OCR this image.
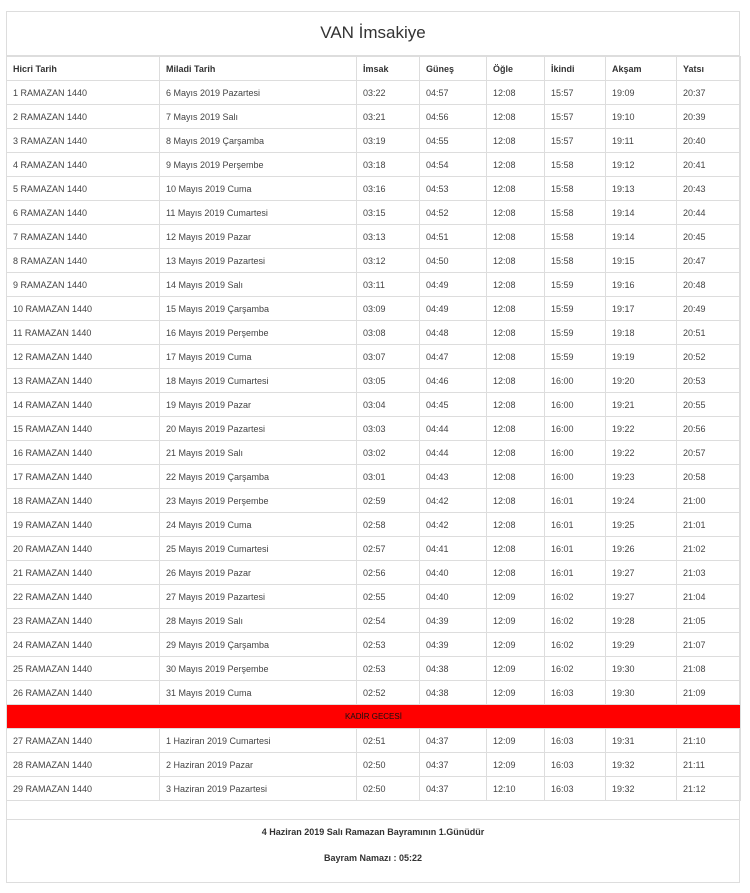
VAN İmsakiye
Hicri Tarih	Miladi Tarih	İmsak	Güneş	Öğle	İkindi	Akşam	Yatsı
1 RAMAZAN 1440	6 Mayıs 2019 Pazartesi	03:22	04:57	12:08	15:57	19:09	20:37
2 RAMAZAN 1440	7 Mayıs 2019 Salı	03:21	04:56	12:08	15:57	19:10	20:39
3 RAMAZAN 1440	8 Mayıs 2019 Çarşamba	03:19	04:55	12:08	15:57	19:11	20:40
4 RAMAZAN 1440	9 Mayıs 2019 Perşembe	03:18	04:54	12:08	15:58	19:12	20:41
5 RAMAZAN 1440	10 Mayıs 2019 Cuma	03:16	04:53	12:08	15:58	19:13	20:43
6 RAMAZAN 1440	11 Mayıs 2019 Cumartesi	03:15	04:52	12:08	15:58	19:14	20:44
7 RAMAZAN 1440	12 Mayıs 2019 Pazar	03:13	04:51	12:08	15:58	19:14	20:45
8 RAMAZAN 1440	13 Mayıs 2019 Pazartesi	03:12	04:50	12:08	15:58	19:15	20:47
9 RAMAZAN 1440	14 Mayıs 2019 Salı	03:11	04:49	12:08	15:59	19:16	20:48
10 RAMAZAN 1440	15 Mayıs 2019 Çarşamba	03:09	04:49	12:08	15:59	19:17	20:49
11 RAMAZAN 1440	16 Mayıs 2019 Perşembe	03:08	04:48	12:08	15:59	19:18	20:51
12 RAMAZAN 1440	17 Mayıs 2019 Cuma	03:07	04:47	12:08	15:59	19:19	20:52
13 RAMAZAN 1440	18 Mayıs 2019 Cumartesi	03:05	04:46	12:08	16:00	19:20	20:53
14 RAMAZAN 1440	19 Mayıs 2019 Pazar	03:04	04:45	12:08	16:00	19:21	20:55
15 RAMAZAN 1440	20 Mayıs 2019 Pazartesi	03:03	04:44	12:08	16:00	19:22	20:56
16 RAMAZAN 1440	21 Mayıs 2019 Salı	03:02	04:44	12:08	16:00	19:22	20:57
17 RAMAZAN 1440	22 Mayıs 2019 Çarşamba	03:01	04:43	12:08	16:00	19:23	20:58
18 RAMAZAN 1440	23 Mayıs 2019 Perşembe	02:59	04:42	12:08	16:01	19:24	21:00
19 RAMAZAN 1440	24 Mayıs 2019 Cuma	02:58	04:42	12:08	16:01	19:25	21:01
20 RAMAZAN 1440	25 Mayıs 2019 Cumartesi	02:57	04:41	12:08	16:01	19:26	21:02
21 RAMAZAN 1440	26 Mayıs 2019 Pazar	02:56	04:40	12:08	16:01	19:27	21:03
22 RAMAZAN 1440	27 Mayıs 2019 Pazartesi	02:55	04:40	12:09	16:02	19:27	21:04
23 RAMAZAN 1440	28 Mayıs 2019 Salı	02:54	04:39	12:09	16:02	19:28	21:05
24 RAMAZAN 1440	29 Mayıs 2019 Çarşamba	02:53	04:39	12:09	16:02	19:29	21:07
25 RAMAZAN 1440	30 Mayıs 2019 Perşembe	02:53	04:38	12:09	16:02	19:30	21:08
26 RAMAZAN 1440	31 Mayıs 2019 Cuma	02:52	04:38	12:09	16:03	19:30	21:09
KADİR GECESİ							
27 RAMAZAN 1440	1 Haziran 2019 Cumartesi	02:51	04:37	12:09	16:03	19:31	21:10
28 RAMAZAN 1440	2 Haziran 2019 Pazar	02:50	04:37	12:09	16:03	19:32	21:11
29 RAMAZAN 1440	3 Haziran 2019 Pazartesi	02:50	04:37	12:10	16:03	19:32	21:12
4 Haziran 2019 Salı Ramazan Bayramının 1.Günüdür
Bayram Namazı : 05:22
